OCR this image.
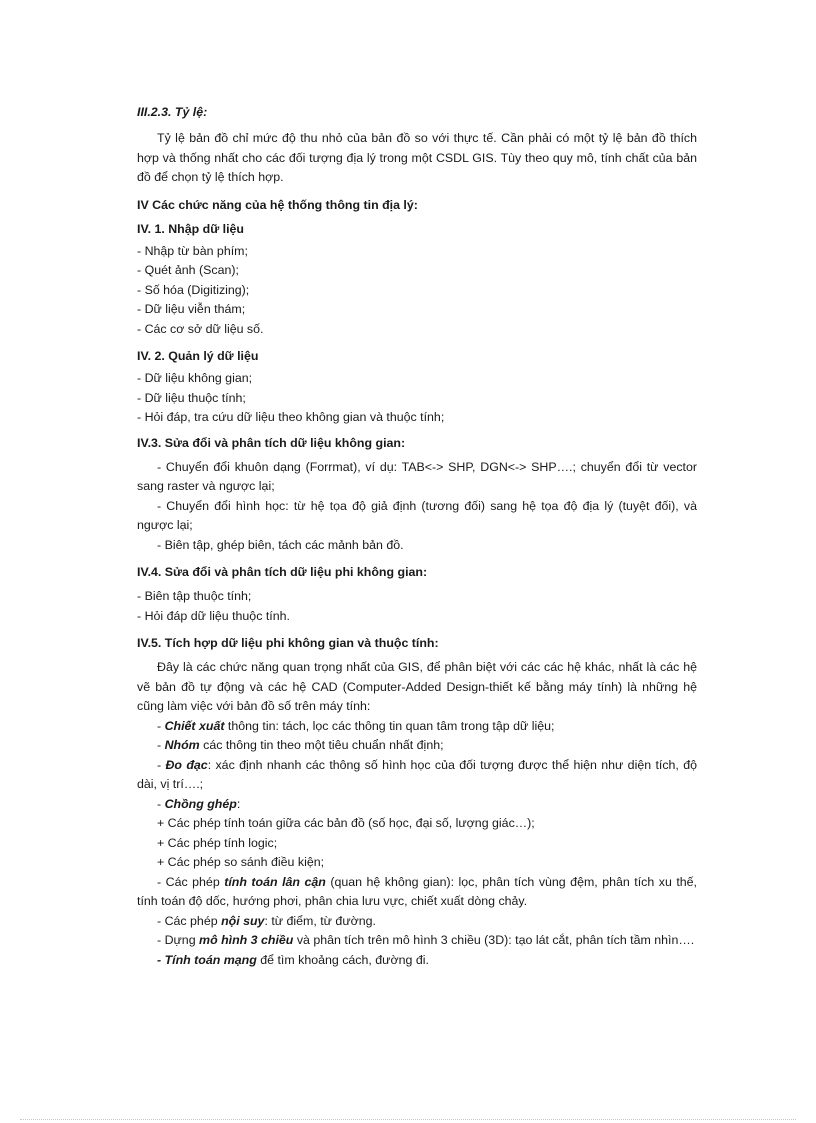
III.2.3. Tỷ lệ:

Tỷ lệ bản đồ chỉ mức độ thu nhỏ của bản đồ so với thực tế. Cần phải có một tỷ lệ bản đồ thích hợp và thống nhất cho các đối tượng địa lý trong một CSDL GIS. Tùy theo quy mô, tính chất của bản đồ để chọn tỷ lệ thích hợp.

IV Các chức năng của hệ thống thông tin địa lý:

IV. 1. Nhập dữ liệu

- Nhập từ bàn phím;

- Quét ảnh (Scan);

- Số hóa (Digitizing);

- Dữ liệu viễn thám;

- Các cơ sở dữ liệu số.

IV. 2. Quản lý dữ liệu

- Dữ liệu không gian;

- Dữ liệu thuộc tính;

- Hỏi đáp, tra cứu dữ liệu theo không gian và thuộc tính;

IV.3. Sửa đổi và phân tích dữ liệu không gian:

- Chuyển đổi khuôn dạng (Forrmat), ví dụ: TAB<-> SHP, DGN<-> SHP….; chuyển đổi từ vector sang raster và ngược lại;

- Chuyển đổi hình học: từ hệ tọa độ giả định (tương đối) sang hệ tọa độ địa lý (tuyệt đối), và ngược lại;

- Biên tập, ghép biên, tách các mảnh bản đồ.

IV.4. Sửa đổi và phân tích dữ liệu phi không gian:

- Biên tập thuộc tính;

- Hỏi đáp dữ liệu thuộc tính.

IV.5. Tích hợp dữ liệu phi không gian và thuộc tính:

Đây là các chức năng quan trọng nhất của GIS, để phân biệt với các các hệ khác, nhất là các hệ vẽ bản đồ tự động và các hệ CAD (Computer-Added Design-thiết kế bằng máy tính) là những hệ cũng làm việc với bản đồ số trên máy tính:

- Chiết xuất thông tin: tách, lọc các thông tin quan tâm trong tập dữ liệu;

- Nhóm các thông tin theo một tiêu chuẩn nhất định;

- Đo đạc: xác định nhanh các thông số hình học của đối tượng được thể hiện như diện tích, độ dài, vị trí….;

- Chồng ghép:

+ Các phép tính toán giữa các bản đồ (số học, đại số, lượng giác…);

+ Các phép tính logic;

+ Các phép so sánh điều kiện;

- Các phép tính toán lân cận (quan hệ không gian): lọc, phân tích vùng đệm, phân tích xu thế, tính toán độ dốc, hướng phơi, phân chia lưu vực, chiết xuất dòng chảy.

- Các phép nội suy: từ điểm, từ đường.

- Dựng mô hình 3 chiều và phân tích trên mô hình 3 chiều (3D): tạo lát cắt, phân tích tầm nhìn….

- Tính toán mạng để tìm khoảng cách, đường đi.
